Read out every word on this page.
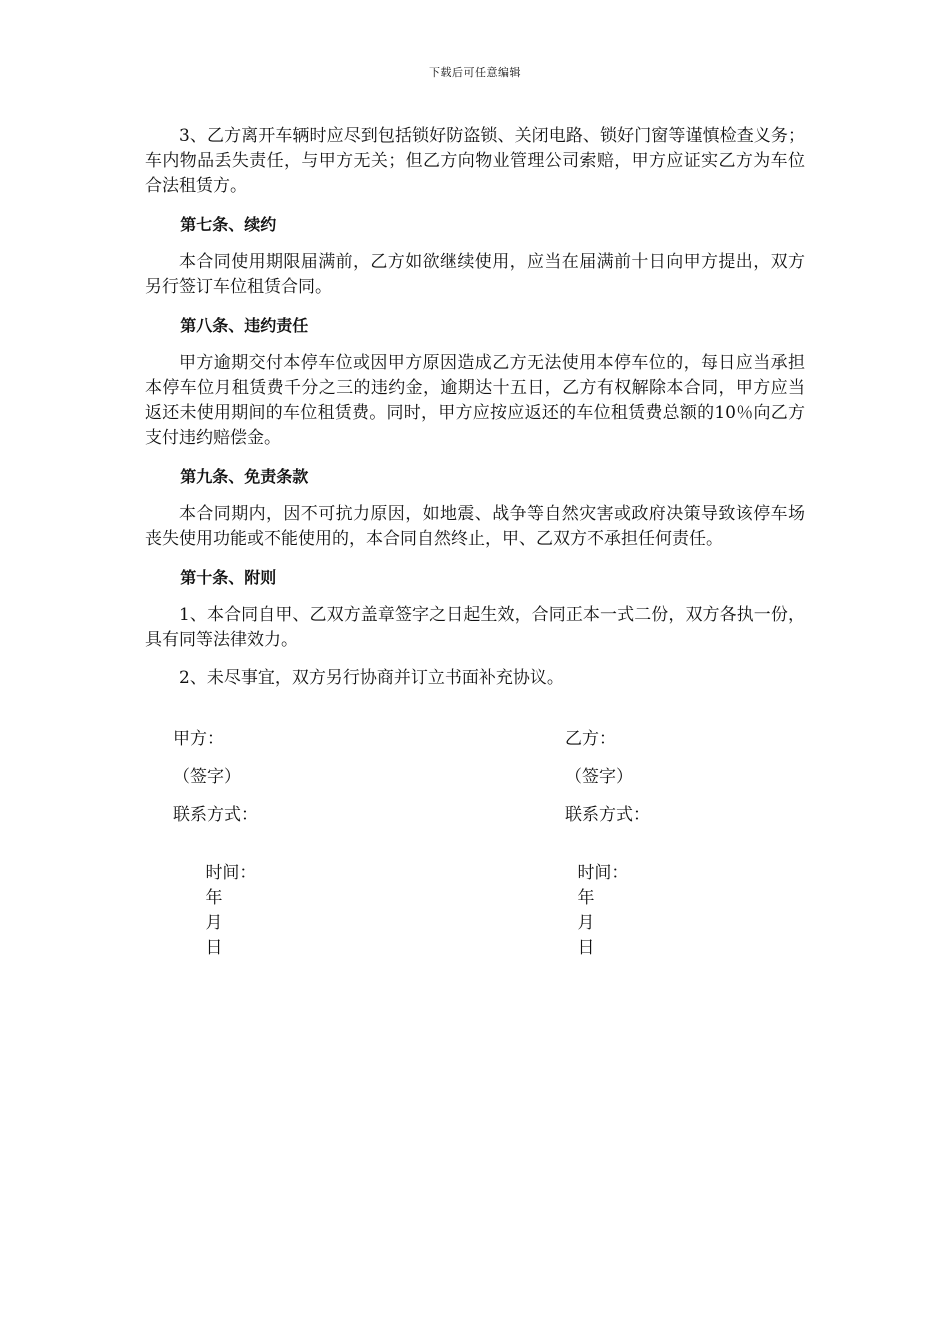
下载后可任意编辑

3、乙方离开车辆时应尽到包括锁好防盗锁、关闭电路、锁好门窗等谨慎检查义务；车内物品丢失责任，与甲方无关；但乙方向物业管理公司索赔，甲方应证实乙方为车位合法租赁方。

第七条、续约

本合同使用期限届满前，乙方如欲继续使用，应当在届满前十日向甲方提出，双方另行签订车位租赁合同。

第八条、违约责任

甲方逾期交付本停车位或因甲方原因造成乙方无法使用本停车位的，每日应当承担本停车位月租赁费千分之三的违约金，逾期达十五日，乙方有权解除本合同，甲方应当返还未使用期间的车位租赁费。同时，甲方应按应返还的车位租赁费总额的10％向乙方支付违约赔偿金。

第九条、免责条款

本合同期内，因不可抗力原因，如地震、战争等自然灾害或政府决策导致该停车场丧失使用功能或不能使用的，本合同自然终止，甲、乙双方不承担任何责任。

第十条、附则

1、本合同自甲、乙双方盖章签字之日起生效，合同正本一式二份，双方各执一份，具有同等法律效力。

2、未尽事宜，双方另行协商并订立书面补充协议。

甲方：	乙方：
（签字）	（签字）
联系方式：	联系方式：

时间：
年
月
日

时间：
年
月
日
